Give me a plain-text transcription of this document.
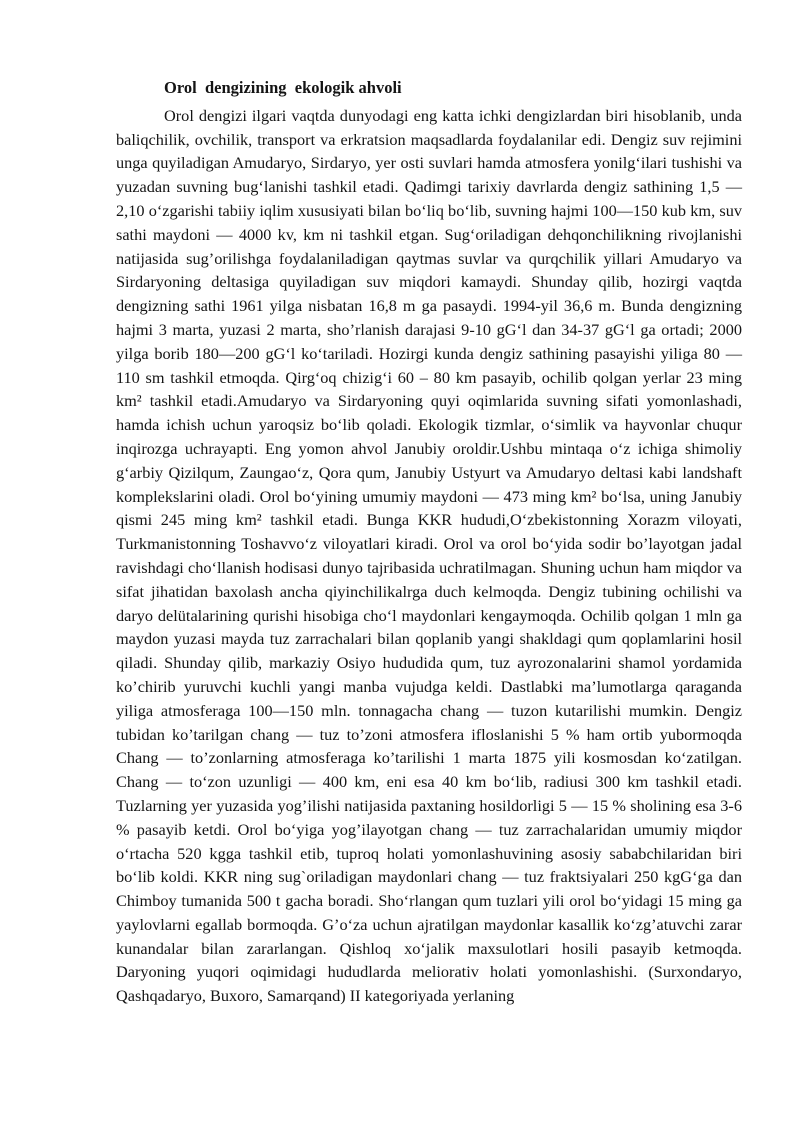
Orol  dengizining  ekologik ahvoli

Orol dengizi ilgari vaqtda dunyodagi eng katta ichki dengizlardan biri hisoblanib, unda baliqchilik, ovchilik, transport va erkratsion maqsadlarda foydalanilar edi. Dengiz suv rejimini unga quyiladigan Amudaryo, Sirdaryo, yer osti suvlari hamda atmosfera yonilg‘ilari tushishi va yuzadan suvning bug‘lanishi tashkil etadi. Qadimgi tarixiy davrlarda dengiz sathining 1,5 — 2,10 o‘zgarishi tabiiy iqlim xususiyati bilan bo‘liq bo‘lib, suvning hajmi 100—150 kub km, suv sathi maydoni — 4000 kv, km ni tashkil etgan. Sug‘oriladigan dehqonchilikning rivojlanishi natijasida sug’orilishga foydalaniladigan qaytmas suvlar va qurqchilik yillari Amudaryo va Sirdaryoning deltasiga quyiladigan suv miqdori kamaydi. Shunday qilib, hozirgi vaqtda dengizning sathi 1961 yilga nisbatan 16,8 m ga pasaydi. 1994-yil 36,6 m. Bunda dengizning hajmi 3 marta, yuzasi 2 marta, sho’rlanish darajasi 9-10 gG‘l dan 34-37 gG‘l ga ortadi; 2000 yilga borib 180—200 gG‘l ko‘tariladi. Hozirgi kunda dengiz sathining pasayishi yiliga 80 — 110 sm tashkil etmoqda. Qirg‘oq chizig‘i 60 – 80 km pasayib, ochilib qolgan yerlar 23 ming km² tashkil etadi.Amudaryo va Sirdaryoning quyi oqimlarida suvning sifati yomonlashadi, hamda ichish uchun yaroqsiz bo‘lib qoladi. Ekologik tizmlar, o‘simlik va hayvonlar chuqur inqirozga uchrayapti. Eng yomon ahvol Janubiy oroldir.Ushbu mintaqa o‘z ichiga shimoliy g‘arbiy Qizilqum, Zaungao‘z, Qora qum, Janubiy Ustyurt va Amudaryo deltasi kabi landshaft komplekslarini oladi. Orol bo‘yining umumiy maydoni — 473 ming km² bo‘lsa, uning Janubiy qismi 245 ming km² tashkil etadi. Bunga KKR hududi,O‘zbekistonning Xorazm viloyati, Turkmanistonning Toshavvo‘z viloyatlari kiradi. Orol va orol bo‘yida sodir bo’layotgan jadal ravishdagi cho‘llanish hodisasi dunyo tajribasida uchratilmagan. Shuning uchun ham miqdor va sifat jihatidan baxolash ancha qiyinchilikalrga duch kelmoqda. Dengiz tubining ochilishi va daryo delütalarining qurishi hisobiga cho‘l maydonlari kengaymoqda. Ochilib qolgan 1 mln ga maydon yuzasi mayda tuz zarrachalari bilan qoplanib yangi shakldagi qum qoplamlarini hosil qiladi. Shunday qilib, markaziy Osiyo hududida qum, tuz ayrozonalarini shamol yordamida ko’chirib yuruvchi kuchli yangi manba vujudga keldi. Dastlabki ma’lumotlarga qaraganda yiliga atmosferaga 100—150 mln. tonnagacha chang — tuzon kutarilishi mumkin. Dengiz tubidan ko’tarilgan chang — tuz to’zoni atmosfera ifloslanishi 5 % ham ortib yubormoqda Chang — to’zonlarning atmosferaga ko’tarilishi 1 marta 1875 yili kosmosdan ko‘zatilgan. Chang — to‘zon uzunligi — 400 km, eni esa 40 km bo‘lib, radiusi 300 km tashkil etadi. Tuzlarning yer yuzasida yog’ilishi natijasida paxtaning hosildorligi 5 — 15 % sholining esa 3-6 % pasayib ketdi. Orol bo‘yiga yog’ilayotgan chang — tuz zarrachalaridan umumiy miqdor o‘rtacha 520 kgga tashkil etib, tuproq holati yomonlashuvining asosiy sababchilaridan biri bo‘lib koldi. KKR ning sug`oriladigan maydonlari chang — tuz fraktsiyalari 250 kgG‘ga dan Chimboy tumanida 500 t gacha boradi. Sho‘rlangan qum tuzlari yili orol bo‘yidagi 15 ming ga yaylovlarni egallab bormoqda. G’o‘za uchun ajratilgan maydonlar kasallik ko‘zg’atuvchi zarar kunandalar bilan zararlangan. Qishloq xo‘jalik maxsulotlari hosili pasayib ketmoqda. Daryoning yuqori oqimidagi hududlarda meliorativ holati yomonlashishi. (Surxondaryo, Qashqadaryo, Buxoro, Samarqand) II kategoriyada yerlaning
